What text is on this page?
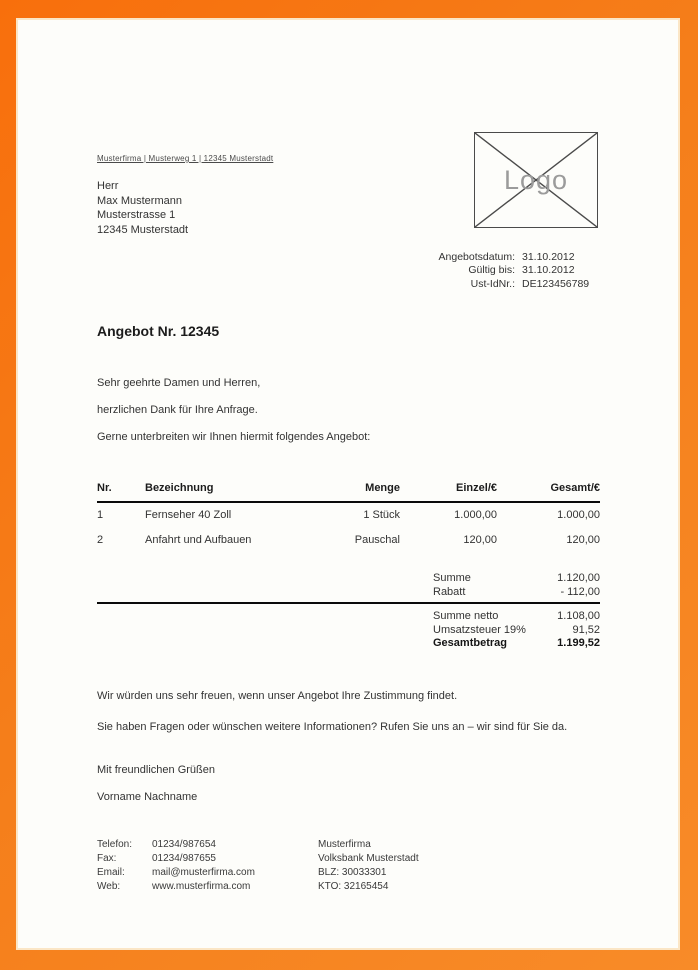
Musterfirma | Musterweg 1 | 12345 Musterstadt
Herr
Max Mustermann
Musterstrasse 1
12345 Musterstadt
Logo
Angebotsdatum: 31.10.2012
Gültig bis: 31.10.2012
Ust-IdNr.: DE123456789
Angebot Nr. 12345
Sehr geehrte Damen und Herren,
herzlichen Dank für Ihre Anfrage.
Gerne unterbreiten wir Ihnen hiermit folgendes Angebot:
Nr.	Bezeichnung	Menge	Einzel/€	Gesamt/€
1	Fernseher 40 Zoll	1 Stück	1.000,00	1.000,00
2	Anfahrt und Aufbauen	Pauschal	120,00	120,00
Summe	1.120,00
Rabatt	- 112,00
Summe netto	1.108,00
Umsatzsteuer 19%	91,52
Gesamtbetrag	1.199,52
Wir würden uns sehr freuen, wenn unser Angebot Ihre Zustimmung findet.
Sie haben Fragen oder wünschen weitere Informationen? Rufen Sie uns an – wir sind für Sie da.
Mit freundlichen Grüßen
Vorname Nachname
Telefon:	01234/987654
Fax:	01234/987655
Email:	mail@musterfirma.com
Web:	www.musterfirma.com
Musterfirma
Volksbank Musterstadt
BLZ: 30033301
KTO: 32165454
